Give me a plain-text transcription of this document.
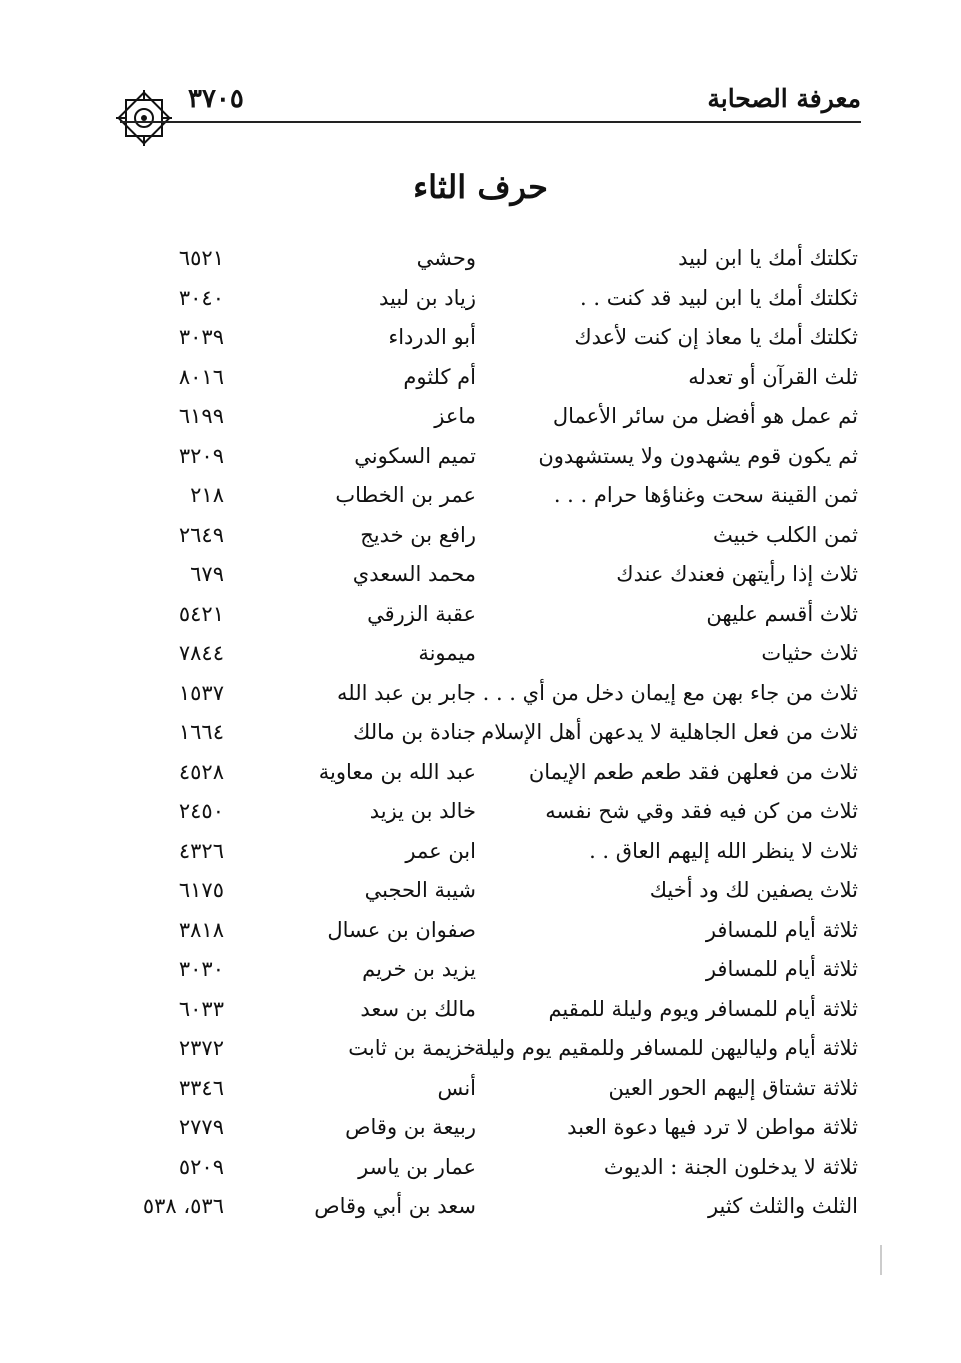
معرفة الصحابة
٣٧٠٥
حرف الثاء
تكلتك أمك يا ابن لبيد
وحشي
٦٥٢١
ثكلتك أمك يا ابن لبيد قد كنت . .
زياد بن لبيد
٣٠٤٠
ثكلتك أمك يا معاذ إن كنت لأعدك
أبو الدرداء
٣٠٣٩
ثلث القرآن أو تعدله
أم كلثوم
٨٠١٦
ثم عمل هو أفضل من سائر الأعمال
ماعز
٦١٩٩
ثم يكون قوم يشهدون ولا يستشهدون
تميم السكوني
٣٢٠٩
ثمن القينة سحت وغناؤها حرام . . .
عمر بن الخطاب
٢١٨
ثمن الكلب خبيث
رافع بن خديج
٢٦٤٩
ثلاث إذا رأيتهن فعندك عندك
محمد السعدي
٦٧٩
ثلاث أقسم عليهن
عقبة الزرقي
٥٤٢١
ثلاث حثيات
ميمونة
٧٨٤٤
ثلاث من جاء بهن مع إيمان دخل من أي . . .
جابر بن عبد الله
١٥٣٧
ثلاث من فعل الجاهلية لا يدعهن أهل الإسلام
جنادة بن مالك
١٦٦٤
ثلاث من فعلهن فقد طعم طعم الإيمان
عبد الله بن معاوية
٤٥٢٨
ثلاث من كن فيه فقد وقي شح نفسه
خالد بن يزيد
٢٤٥٠
ثلاث لا ينظر الله إليهم العاق . .
ابن عمر
٤٣٢٦
ثلاث يصفين لك ود أخيك
شيبة الحجبي
٦١٧٥
ثلاثة أيام للمسافر
صفوان بن عسال
٣٨١٨
ثلاثة أيام للمسافر
يزيد بن خريم
٣٠٣٠
ثلاثة أيام للمسافر ويوم وليلة للمقيم
مالك بن سعد
٦٠٣٣
ثلاثة أيام ولياليهن للمسافر وللمقيم يوم وليلة
خزيمة بن ثابت
٢٣٧٢
ثلاثة تشتاق إليهم الحور العين
أنس
٣٣٤٦
ثلاثة مواطن لا ترد فيها دعوة العبد
ربيعة بن وقاص
٢٧٧٩
ثلاثة لا يدخلون الجنة : الديوث
عمار بن ياسر
٥٢٠٩
الثلث والثلث كثير
سعد بن أبي وقاص
٥٣٦، ٥٣٨
